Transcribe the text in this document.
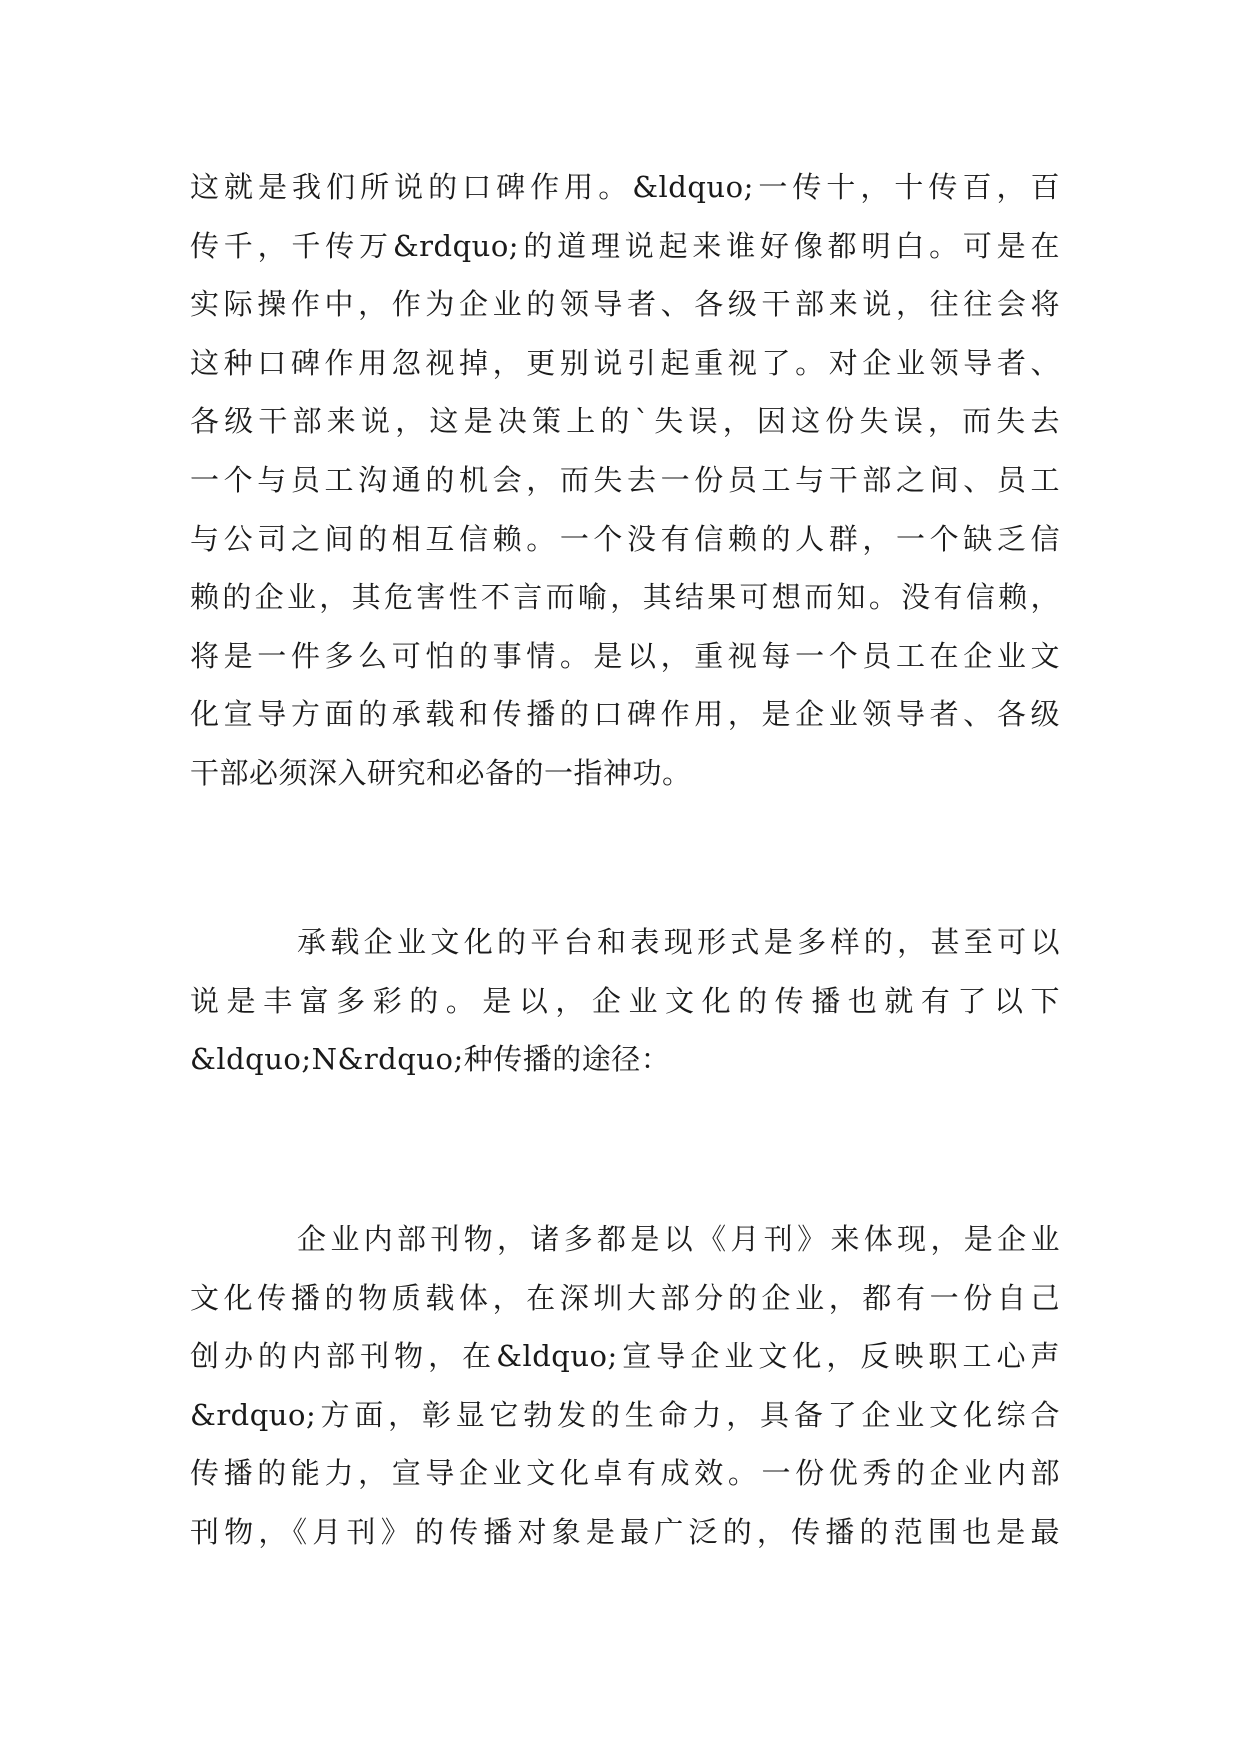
这就是我们所说的口碑作用。&ldquo;一传十，十传百，百
传千，千传万&rdquo;的道理说起来谁好像都明白。可是在
实际操作中，作为企业的领导者、各级干部来说，往往会将
这种口碑作用忽视掉，更别说引起重视了。对企业领导者、
各级干部来说，这是决策上的`失误，因这份失误，而失去
一个与员工沟通的机会，而失去一份员工与干部之间、员工
与公司之间的相互信赖。一个没有信赖的人群，一个缺乏信
赖的企业，其危害性不言而喻，其结果可想而知。没有信赖，
将是一件多么可怕的事情。是以，重视每一个员工在企业文
化宣导方面的承载和传播的口碑作用，是企业领导者、各级
干部必须深入研究和必备的一指神功。

承载企业文化的平台和表现形式是多样的，甚至可以
说是丰富多彩的。是以，企业文化的传播也就有了以下
&ldquo;N&rdquo;种传播的途径：

企业内部刊物，诸多都是以《月刊》来体现，是企业
文化传播的物质载体，在深圳大部分的企业，都有一份自己
创办的内部刊物，在&ldquo;宣导企业文化，反映职工心声
&rdquo;方面，彰显它勃发的生命力，具备了企业文化综合
传播的能力，宣导企业文化卓有成效。一份优秀的企业内部
刊物，《月刊》的传播对象是最广泛的，传播的范围也是最
